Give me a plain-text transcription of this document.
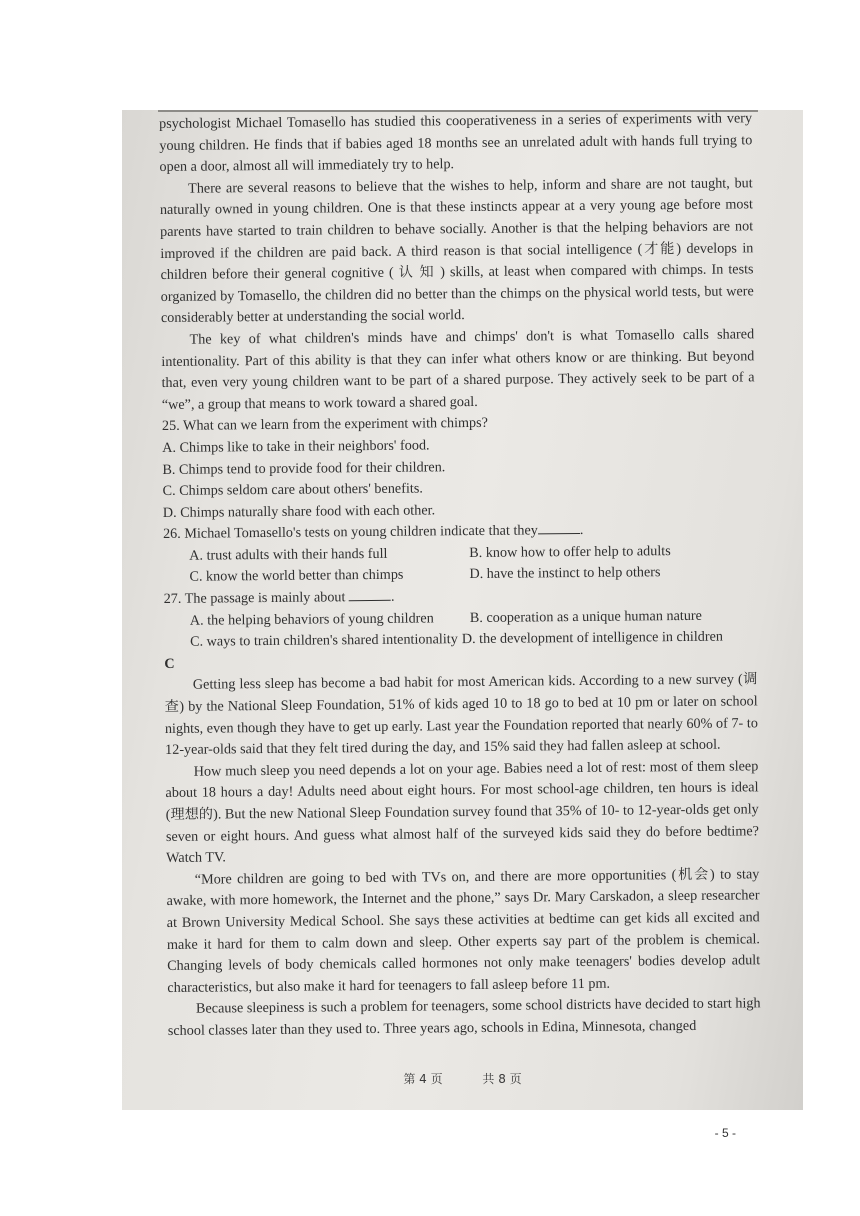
psychologist Michael Tomasello has studied this cooperativeness in a series of experiments with very young children. He finds that if babies aged 18 months see an unrelated adult with hands full trying to open a door, almost all will immediately try to help.

There are several reasons to believe that the wishes to help, inform and share are not taught, but naturally owned in young children. One is that these instincts appear at a very young age before most parents have started to train children to behave socially. Another is that the helping behaviors are not improved if the children are paid back. A third reason is that social intelligence (才能) develops in children before their general cognitive ( 认 知 ) skills, at least when compared with chimps. In tests organized by Tomasello, the children did no better than the chimps on the physical world tests, but were considerably better at understanding the social world.

The key of what children's minds have and chimps' don't is what Tomasello calls shared intentionality. Part of this ability is that they can infer what others know or are thinking. But beyond that, even very young children want to be part of a shared purpose. They actively seek to be part of a “we”, a group that means to work toward a shared goal.

25. What can we learn from the experiment with chimps?

A. Chimps like to take in their neighbors' food.

B. Chimps tend to provide food for their children.

C. Chimps seldom care about others' benefits.

D. Chimps naturally share food with each other.

26. Michael Tomasello's tests on young children indicate that they	.

A. trust adults with their hands full	B. know how to offer help to adults
C. know the world better than chimps	D. have the instinct to help others

27. The passage is mainly about	.

A. the helping behaviors of young children	B. cooperation as a unique human nature
C. ways to train children's shared intentionality D. the development of intelligence in children

C

Getting less sleep has become a bad habit for most American kids. According to a new survey (调查) by the National Sleep Foundation, 51% of kids aged 10 to 18 go to bed at 10 pm or later on school nights, even though they have to get up early. Last year the Foundation reported that nearly 60% of 7- to 12-year-olds said that they felt tired during the day, and 15% said they had fallen asleep at school.

How much sleep you need depends a lot on your age. Babies need a lot of rest: most of them sleep about 18 hours a day! Adults need about eight hours. For most school-age children, ten hours is ideal (理想的). But the new National Sleep Foundation survey found that 35% of 10- to 12-year-olds get only seven or eight hours. And guess what almost half of the surveyed kids said they do before bedtime? Watch TV.

“More children are going to bed with TVs on, and there are more opportunities (机会) to stay awake, with more homework, the Internet and the phone,” says Dr. Mary Carskadon, a sleep researcher at Brown University Medical School. She says these activities at bedtime can get kids all excited and make it hard for them to calm down and sleep. Other experts say part of the problem is chemical. Changing levels of body chemicals called hormones not only make teenagers' bodies develop adult characteristics, but also make it hard for teenagers to fall asleep before 11 pm.

Because sleepiness is such a problem for teenagers, some school districts have decided to start high school classes later than they used to. Three years ago, schools in Edina, Minnesota, changed

第 4 页	共 8 页
- 5 -
